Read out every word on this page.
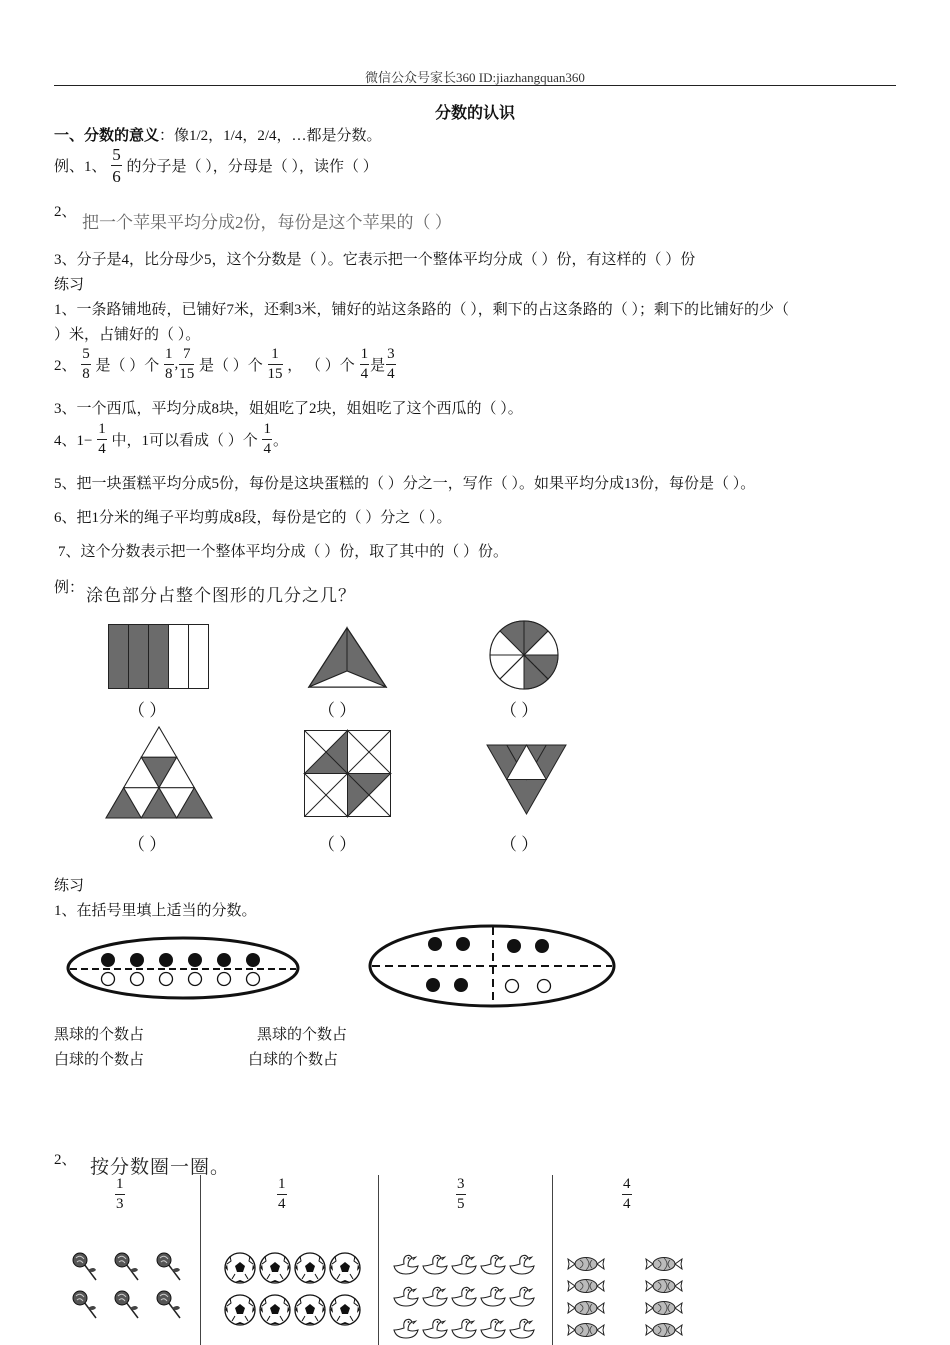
微信公众号家长360 ID:jiazhangquan360
分数的认识
一、分数的意义：像1/2，1/4，2/4，…都是分数。
例、1、 $\frac{5}{6}$ 的分子是（ ），分母是（ ），读作（ ）
2、
把一个苹果平均分成2份，每份是这个苹果的（ ）
3、分子是4，比分母少5，这个分数是（ ）。它表示把一个整体平均分成（ ）份，有这样的（ ）份
练习
1、一条路铺地砖，已铺好7米，还剩3米，铺好的站这条路的（ ），剩下的占这条路的（ ）；剩下的比铺好的少（
）米，占铺好的（ ）。
2、 $\frac{5}{8}$ 是（ ）个 $\frac{1}{8}$ , $\frac{7}{15}$ 是（ ）个 $\frac{1}{15}$ ， （ ）个 $\frac{1}{4}$ 是 $\frac{3}{4}$
3、一个西瓜，平均分成8块，姐姐吃了2块，姐姐吃了这个西瓜的（ ）。
4、$1- \frac{1}{4}$ 中，1可以看成（ ）个 $\frac{1}{4}$ 。
5、把一块蛋糕平均分成5份，每份是这块蛋糕的（ ）分之一，写作（ ）。如果平均分成13份，每份是（ ）。
6、把1分米的绳子平均剪成8段，每份是它的（ ）分之（ ）。
7、这个分数表示把一个整体平均分成（ ）份，取了其中的（ ）份。
例： 涂色部分占整个图形的几分之几？
（ ）	（ ）	（ ）
（ ）	（ ）	（ ）
练习
1、在括号里填上适当的分数。
黑球的个数占
白球的个数占
黑球的个数占
白球的个数占
2、 按分数圈一圈。
$\frac{1}{3}$	$\frac{1}{4}$	$\frac{3}{5}$	$\frac{4}{4}$
